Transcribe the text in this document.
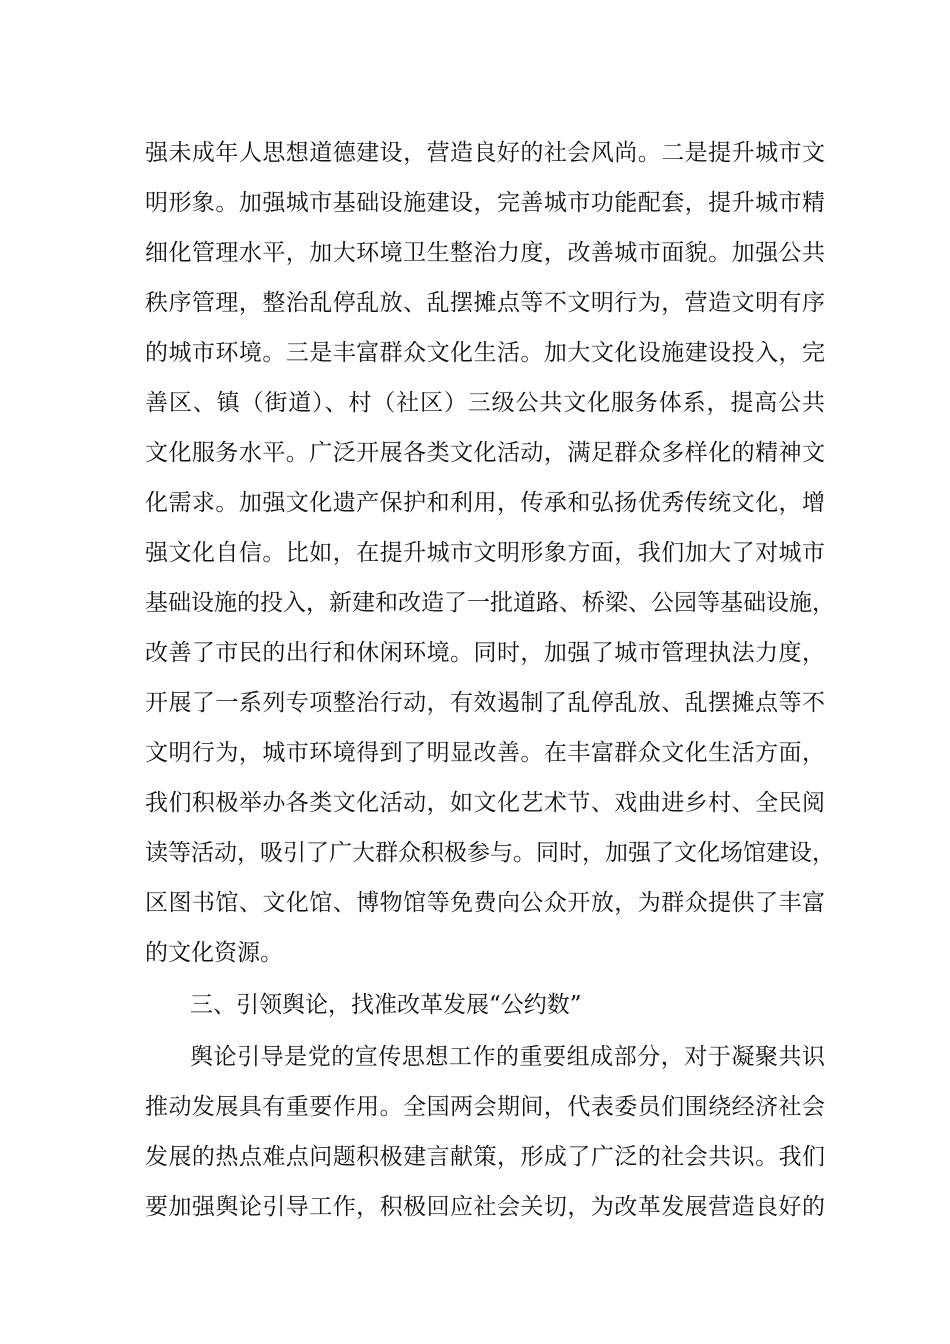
强未成年人思想道德建设，营造良好的社会风尚。二是提升城市文
明形象。加强城市基础设施建设，完善城市功能配套，提升城市精
细化管理水平，加大环境卫生整治力度，改善城市面貌。加强公共
秩序管理，整治乱停乱放、乱摆摊点等不文明行为，营造文明有序
的城市环境。三是丰富群众文化生活。加大文化设施建设投入，完
善区、镇（街道）、村（社区）三级公共文化服务体系，提高公共
文化服务水平。广泛开展各类文化活动，满足群众多样化的精神文
化需求。加强文化遗产保护和利用，传承和弘扬优秀传统文化，增
强文化自信。比如，在提升城市文明形象方面，我们加大了对城市
基础设施的投入，新建和改造了一批道路、桥梁、公园等基础设施，
改善了市民的出行和休闲环境。同时，加强了城市管理执法力度，
开展了一系列专项整治行动，有效遏制了乱停乱放、乱摆摊点等不
文明行为，城市环境得到了明显改善。在丰富群众文化生活方面，
我们积极举办各类文化活动，如文化艺术节、戏曲进乡村、全民阅
读等活动，吸引了广大群众积极参与。同时，加强了文化场馆建设，
区图书馆、文化馆、博物馆等免费向公众开放，为群众提供了丰富
的文化资源。
三、引领舆论，找准改革发展“公约数”
舆论引导是党的宣传思想工作的重要组成部分，对于凝聚共识
推动发展具有重要作用。全国两会期间，代表委员们围绕经济社会
发展的热点难点问题积极建言献策，形成了广泛的社会共识。我们
要加强舆论引导工作，积极回应社会关切，为改革发展营造良好的
